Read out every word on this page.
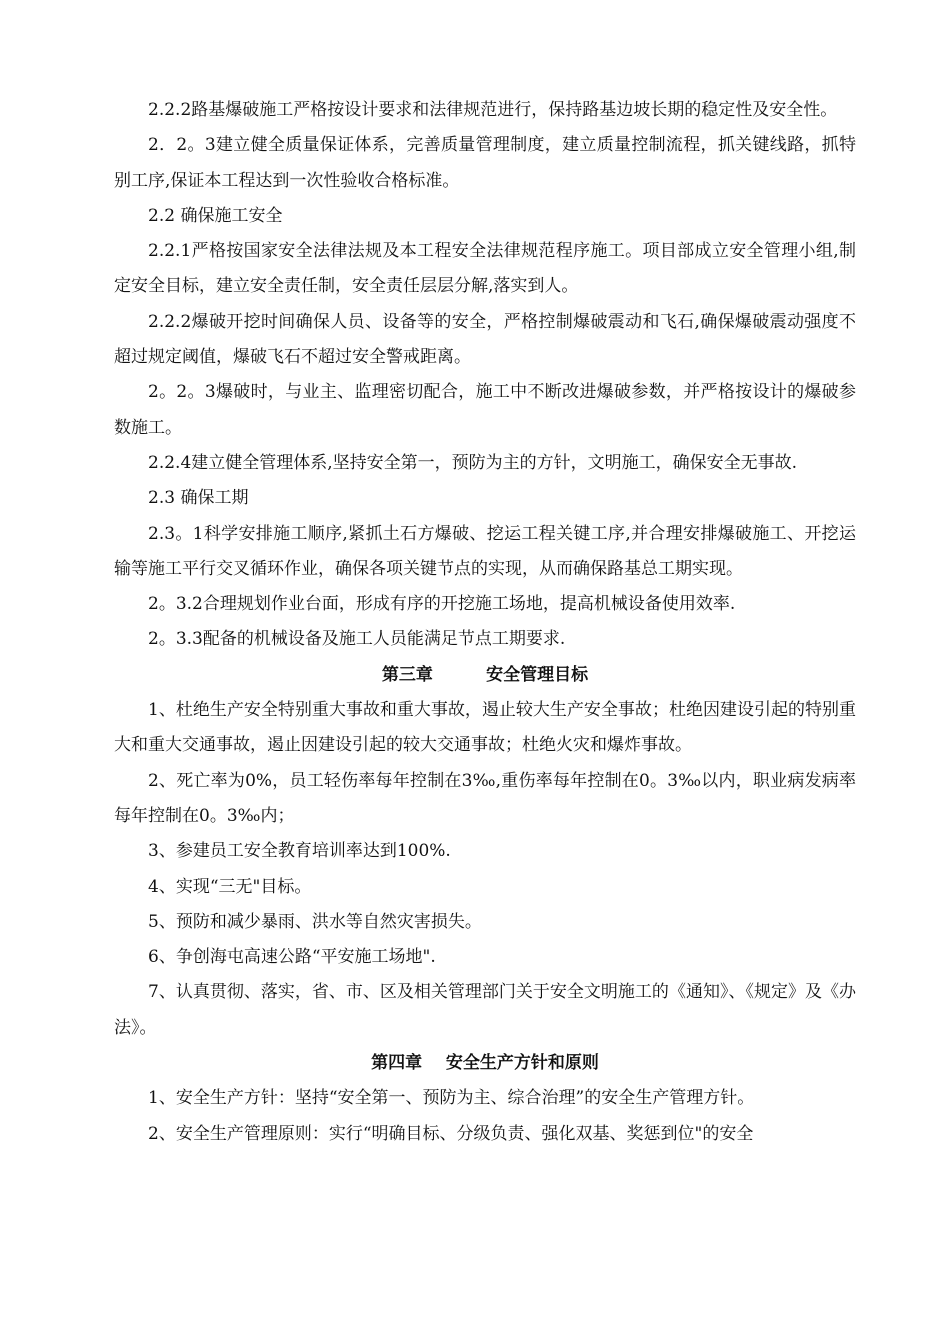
2.2.2路基爆破施工严格按设计要求和法律规范进行，保持路基边坡长期的稳定性及安全性。

2．2。3建立健全质量保证体系，完善质量管理制度，建立质量控制流程，抓关键线路，抓特别工序,保证本工程达到一次性验收合格标准。

2.2 确保施工安全

2.2.1严格按国家安全法律法规及本工程安全法律规范程序施工。项目部成立安全管理小组,制定安全目标，建立安全责任制，安全责任层层分解,落实到人。

2.2.2爆破开挖时间确保人员、设备等的安全，严格控制爆破震动和飞石,确保爆破震动强度不超过规定阈值，爆破飞石不超过安全警戒距离。

2。2。3爆破时，与业主、监理密切配合，施工中不断改进爆破参数，并严格按设计的爆破参数施工。

2.2.4建立健全管理体系,坚持安全第一，预防为主的方针，文明施工，确保安全无事故.

2.3 确保工期

2.3。1科学安排施工顺序,紧抓土石方爆破、挖运工程关键工序,并合理安排爆破施工、开挖运输等施工平行交叉循环作业，确保各项关键节点的实现，从而确保路基总工期实现。

2。3.2合理规划作业台面，形成有序的开挖施工场地，提高机械设备使用效率.

2。3.3配备的机械设备及施工人员能满足节点工期要求.

第三章         安全管理目标

1、杜绝生产安全特别重大事故和重大事故，遏止较大生产安全事故；杜绝因建设引起的特别重大和重大交通事故，遏止因建设引起的较大交通事故；杜绝火灾和爆炸事故。

2、死亡率为0%，员工轻伤率每年控制在3‰,重伤率每年控制在0。3‰以内，职业病发病率每年控制在0。3‰内；

3、参建员工安全教育培训率达到100%.

4、实现“三无"目标。

5、预防和减少暴雨、洪水等自然灾害损失。

6、争创海屯高速公路“平安施工场地".

7、认真贯彻、落实，省、市、区及相关管理部门关于安全文明施工的《通知》、《规定》及《办法》。

第四章    安全生产方针和原则

1、安全生产方针：坚持“安全第一、预防为主、综合治理”的安全生产管理方针。

2、安全生产管理原则：实行“明确目标、分级负责、强化双基、奖惩到位"的安全
